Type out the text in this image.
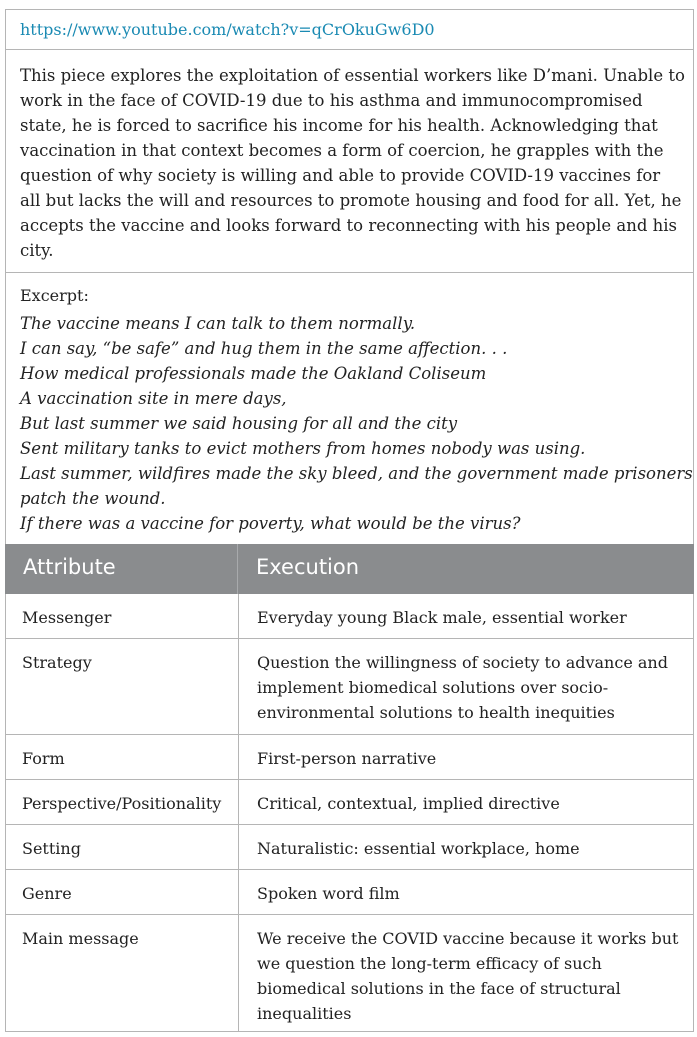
https://www.youtube.com/watch?v=qCrOkuGw6D0

This piece explores the exploitation of essential workers like D’mani. Unable to work in the face of COVID-19 due to his asthma and immunocompromised state, he is forced to sacrifice his income for his health. Acknowledging that vaccination in that context becomes a form of coercion, he grapples with the question of why society is willing and able to provide COVID-19 vaccines for all but lacks the will and resources to promote housing and food for all. Yet, he accepts the vaccine and looks forward to reconnecting with his people and his city.

Excerpt:
The vaccine means I can talk to them normally.
I can say, “be safe” and hug them in the same affection. . .
How medical professionals made the Oakland Coliseum
A vaccination site in mere days,
But last summer we said housing for all and the city
Sent military tanks to evict mothers from homes nobody was using.
Last summer, wildfires made the sky bleed, and the government made prisoners
patch the wound.
If there was a vaccine for poverty, what would be the virus?
Attribute	Execution
Messenger	Everyday young Black male, essential worker
Strategy	Question the willingness of society to advance and implement biomedical solutions over socio-environmental solutions to health inequities
Form	First-person narrative
Perspective/Positionality	Critical, contextual, implied directive
Setting	Naturalistic: essential workplace, home
Genre	Spoken word film
Main message	We receive the COVID vaccine because it works but we question the long-term efficacy of such biomedical solutions in the face of structural inequalities
